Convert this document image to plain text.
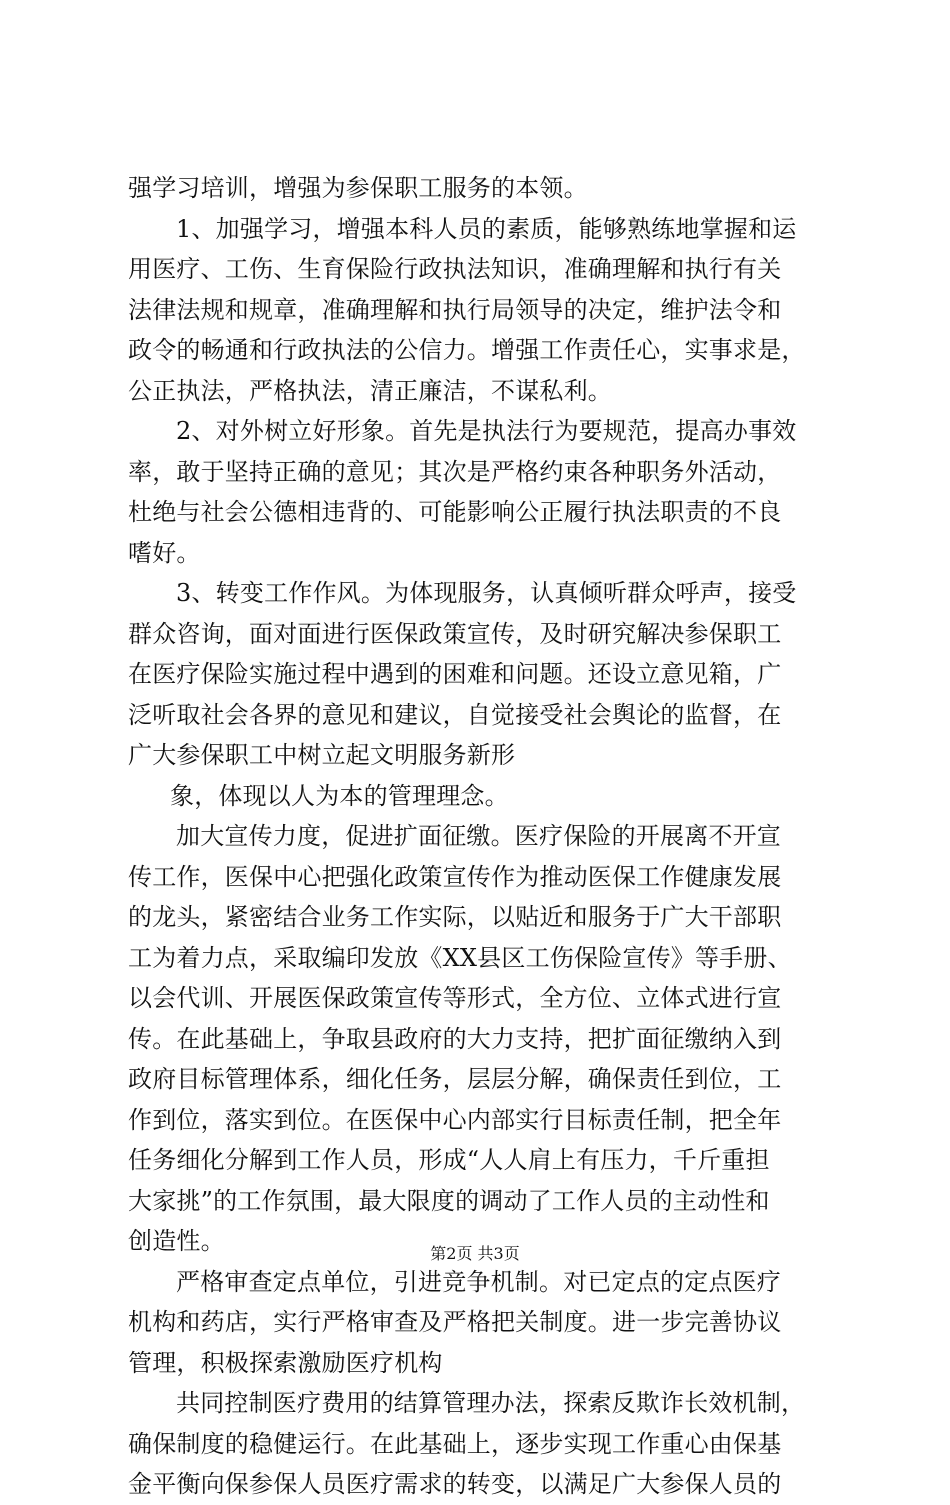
强学习培训，增强为参保职工服务的本领。
1、加强学习，增强本科人员的素质，能够熟练地掌握和运
用医疗、工伤、生育保险行政执法知识，准确理解和执行有关
法律法规和规章，准确理解和执行局领导的决定，维护法令和
政令的畅通和行政执法的公信力。增强工作责任心，实事求是，
公正执法，严格执法，清正廉洁，不谋私利。
2、对外树立好形象。首先是执法行为要规范，提高办事效
率，敢于坚持正确的意见；其次是严格约束各种职务外活动，
杜绝与社会公德相违背的、可能影响公正履行执法职责的不良
嗜好。
3、转变工作作风。为体现服务，认真倾听群众呼声，接受
群众咨询，面对面进行医保政策宣传，及时研究解决参保职工
在医疗保险实施过程中遇到的困难和问题。还设立意见箱，广
泛听取社会各界的意见和建议，自觉接受社会舆论的监督，在
广大参保职工中树立起文明服务新形
象，体现以人为本的管理理念。
加大宣传力度，促进扩面征缴。医疗保险的开展离不开宣
传工作，医保中心把强化政策宣传作为推动医保工作健康发展
的龙头，紧密结合业务工作实际，以贴近和服务于广大干部职
工为着力点，采取编印发放《XX县区工伤保险宣传》等手册、
以会代训、开展医保政策宣传等形式，全方位、立体式进行宣
传。在此基础上，争取县政府的大力支持，把扩面征缴纳入到
政府目标管理体系，细化任务，层层分解，确保责任到位，工
作到位，落实到位。在医保中心内部实行目标责任制，把全年
任务细化分解到工作人员，形成“人人肩上有压力，千斤重担
大家挑”的工作氛围，最大限度的调动了工作人员的主动性和
创造性。
严格审查定点单位，引进竞争机制。对已定点的定点医疗
机构和药店，实行严格审查及严格把关制度。进一步完善协议
管理，积极探索激励医疗机构
共同控制医疗费用的结算管理办法，探索反欺诈长效机制，
确保制度的稳健运行。在此基础上，逐步实现工作重心由保基
金平衡向保参保人员医疗需求的转变，以满足广大参保人员的
第2页 共3页
